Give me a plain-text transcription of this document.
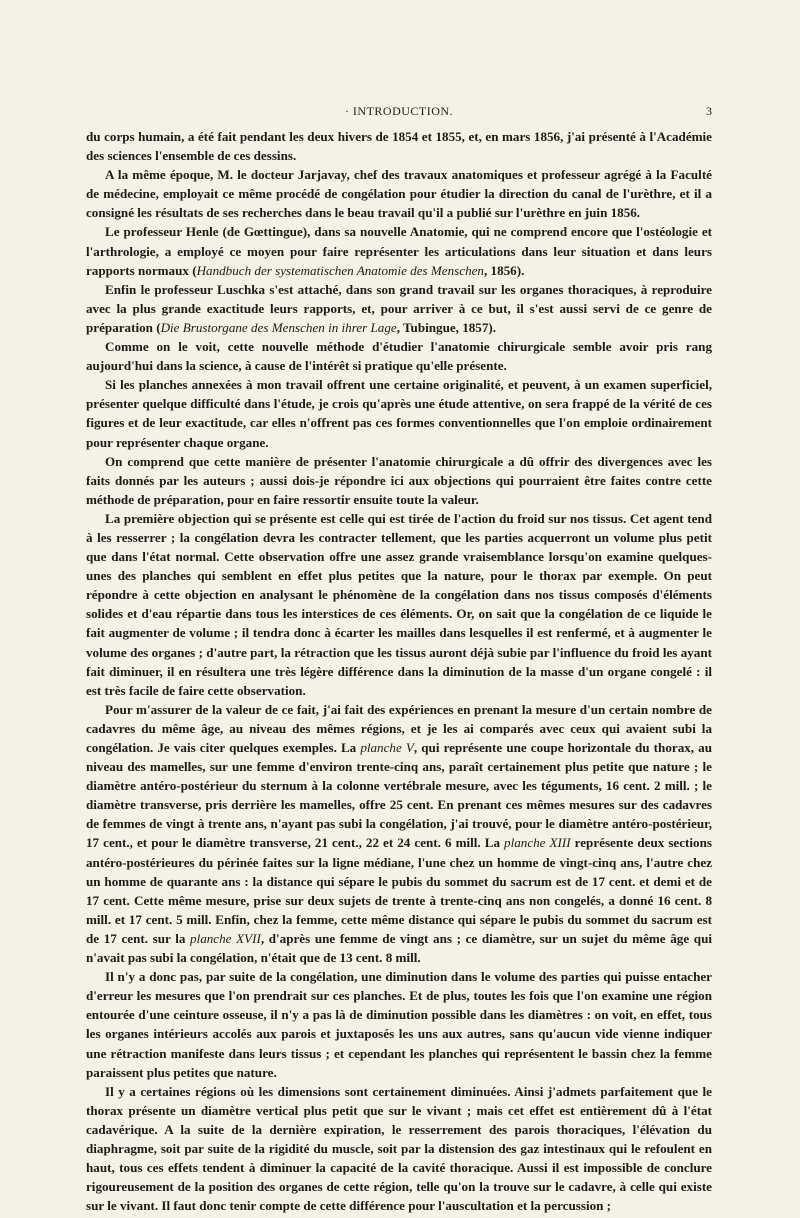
· INTRODUCTION.	3

du corps humain, a été fait pendant les deux hivers de 1854 et 1855, et, en mars 1856, j'ai présenté à l'Académie des sciences l'ensemble de ces dessins.

A la même époque, M. le docteur Jarjavay, chef des travaux anatomiques et professeur agrégé à la Faculté de médecine, employait ce même procédé de congélation pour étudier la direction du canal de l'urèthre, et il a consigné les résultats de ses recherches dans le beau travail qu'il a publié sur l'urèthre en juin 1856.

Le professeur Henle (de Gœttingue), dans sa nouvelle Anatomie, qui ne comprend encore que l'ostéologie et l'arthrologie, a employé ce moyen pour faire représenter les articulations dans leur situation et dans leurs rapports normaux (Handbuch der systematischen Anatomie des Menschen, 1856).

Enfin le professeur Luschka s'est attaché, dans son grand travail sur les organes thoraciques, à reproduire avec la plus grande exactitude leurs rapports, et, pour arriver à ce but, il s'est aussi servi de ce genre de préparation (Die Brustorgane des Menschen in ihrer Lage, Tubingue, 1857).

Comme on le voit, cette nouvelle méthode d'étudier l'anatomie chirurgicale semble avoir pris rang aujourd'hui dans la science, à cause de l'intérêt si pratique qu'elle présente.

Si les planches annexées à mon travail offrent une certaine originalité, et peuvent, à un examen superficiel, présenter quelque difficulté dans l'étude, je crois qu'après une étude attentive, on sera frappé de la vérité de ces figures et de leur exactitude, car elles n'offrent pas ces formes conventionnelles que l'on emploie ordinairement pour représenter chaque organe.

On comprend que cette manière de présenter l'anatomie chirurgicale a dû offrir des divergences avec les faits donnés par les auteurs ; aussi dois-je répondre ici aux objections qui pourraient être faites contre cette méthode de préparation, pour en faire ressortir ensuite toute la valeur.

La première objection qui se présente est celle qui est tirée de l'action du froid sur nos tissus. Cet agent tend à les resserrer ; la congélation devra les contracter tellement, que les parties acquerront un volume plus petit que dans l'état normal. Cette observation offre une assez grande vraisemblance lorsqu'on examine quelques-unes des planches qui semblent en effet plus petites que la nature, pour le thorax par exemple. On peut répondre à cette objection en analysant le phénomène de la congélation dans nos tissus composés d'éléments solides et d'eau répartie dans tous les interstices de ces éléments. Or, on sait que la congélation de ce liquide le fait augmenter de volume ; il tendra donc à écarter les mailles dans lesquelles il est renfermé, et à augmenter le volume des organes ; d'autre part, la rétraction que les tissus auront déjà subie par l'influence du froid les ayant fait diminuer, il en résultera une très légère différence dans la diminution de la masse d'un organe congelé : il est très facile de faire cette observation.

Pour m'assurer de la valeur de ce fait, j'ai fait des expériences en prenant la mesure d'un certain nombre de cadavres du même âge, au niveau des mêmes régions, et je les ai comparés avec ceux qui avaient subi la congélation. Je vais citer quelques exemples. La planche V, qui représente une coupe horizontale du thorax, au niveau des mamelles, sur une femme d'environ trente-cinq ans, paraît certainement plus petite que nature ; le diamètre antéro-postérieur du sternum à la colonne vertébrale mesure, avec les téguments, 16 cent. 2 mill. ; le diamètre transverse, pris derrière les mamelles, offre 25 cent. En prenant ces mêmes mesures sur des cadavres de femmes de vingt à trente ans, n'ayant pas subi la congélation, j'ai trouvé, pour le diamètre antéro-postérieur, 17 cent., et pour le diamètre transverse, 21 cent., 22 et 24 cent. 6 mill. La planche XIII représente deux sections antéro-postérieures du périnée faites sur la ligne médiane, l'une chez un homme de vingt-cinq ans, l'autre chez un homme de quarante ans : la distance qui sépare le pubis du sommet du sacrum est de 17 cent. et demi et de 17 cent. Cette même mesure, prise sur deux sujets de trente à trente-cinq ans non congelés, a donné 16 cent. 8 mill. et 17 cent. 5 mill. Enfin, chez la femme, cette même distance qui sépare le pubis du sommet du sacrum est de 17 cent. sur la planche XVII, d'après une femme de vingt ans ; ce diamètre, sur un sujet du même âge qui n'avait pas subi la congélation, n'était que de 13 cent. 8 mill.

Il n'y a donc pas, par suite de la congélation, une diminution dans le volume des parties qui puisse entacher d'erreur les mesures que l'on prendrait sur ces planches. Et de plus, toutes les fois que l'on examine une région entourée d'une ceinture osseuse, il n'y a pas là de diminution possible dans les diamètres : on voit, en effet, tous les organes intérieurs accolés aux parois et juxtaposés les uns aux autres, sans qu'aucun vide vienne indiquer une rétraction manifeste dans leurs tissus ; et cependant les planches qui représentent le bassin chez la femme paraissent plus petites que nature.

Il y a certaines régions où les dimensions sont certainement diminuées. Ainsi j'admets parfaitement que le thorax présente un diamètre vertical plus petit que sur le vivant ; mais cet effet est entièrement dû à l'état cadavérique. A la suite de la dernière expiration, le resserrement des parois thoraciques, l'élévation du diaphragme, soit par suite de la rigidité du muscle, soit par la distension des gaz intestinaux qui le refoulent en haut, tous ces effets tendent à diminuer la capacité de la cavité thoracique. Aussi il est impossible de conclure rigoureusement de la position des organes de cette région, telle qu'on la trouve sur le cadavre, à celle qui existe sur le vivant. Il faut donc tenir compte de cette différence pour l'auscultation et la percussion ;
